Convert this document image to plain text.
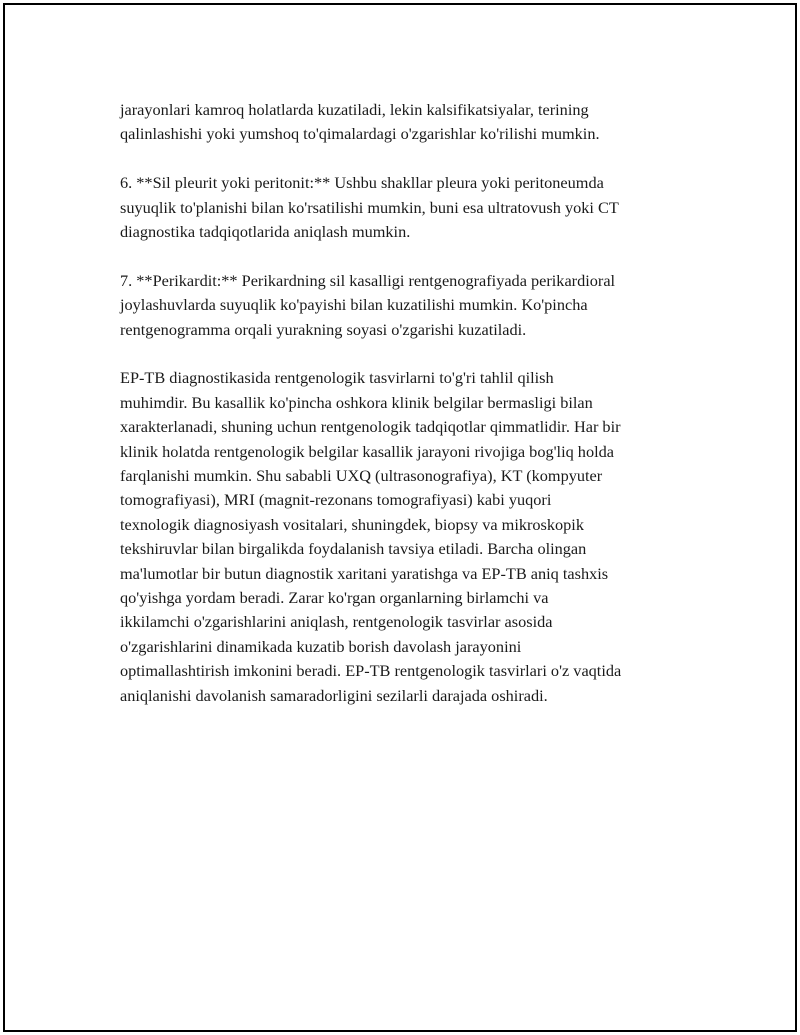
jarayonlari kamroq holatlarda kuzatiladi, lekin kalsifikatsiyalar, terining
qalinlashishi yoki yumshoq to'qimalardagi o'zgarishlar ko'rilishi mumkin.
6. **Sil pleurit yoki peritonit:** Ushbu shakllar pleura yoki peritoneumda
suyuqlik to'planishi bilan ko'rsatilishi mumkin, buni esa ultratovush yoki CT
diagnostika tadqiqotlarida aniqlash mumkin.
7. **Perikardit:** Perikardning sil kasalligi rentgenografiyada perikardioral
joylashuvlarda suyuqlik ko'payishi bilan kuzatilishi mumkin. Ko'pincha
rentgenogramma orqali yurakning soyasi o'zgarishi kuzatiladi.
EP-TB diagnostikasida rentgenologik tasvirlarni to'g'ri tahlil qilish
muhimdir. Bu kasallik ko'pincha oshkora klinik belgilar bermasligi bilan
xarakterlanadi, shuning uchun rentgenologik tadqiqotlar qimmatlidir. Har bir
klinik holatda rentgenologik belgilar kasallik jarayoni rivojiga bog'liq holda
farqlanishi mumkin. Shu sababli UXQ (ultrasonografiya), KT (kompyuter
tomografiyasi), MRI (magnit-rezonans tomografiyasi) kabi yuqori
texnologik diagnosiyash vositalari, shuningdek, biopsy va mikroskopik
tekshiruvlar bilan birgalikda foydalanish tavsiya etiladi. Barcha olingan
ma'lumotlar bir butun diagnostik xaritani yaratishga va EP-TB aniq tashxis
qo'yishga yordam beradi. Zarar ko'rgan organlarning birlamchi va
ikkilamchi o'zgarishlarini aniqlash, rentgenologik tasvirlar asosida
o'zgarishlarini dinamikada kuzatib borish davolash jarayonini
optimallashtirish imkonini beradi. EP-TB rentgenologik tasvirlari o'z vaqtida
aniqlanishi davolanish samaradorligini sezilarli darajada oshiradi.
